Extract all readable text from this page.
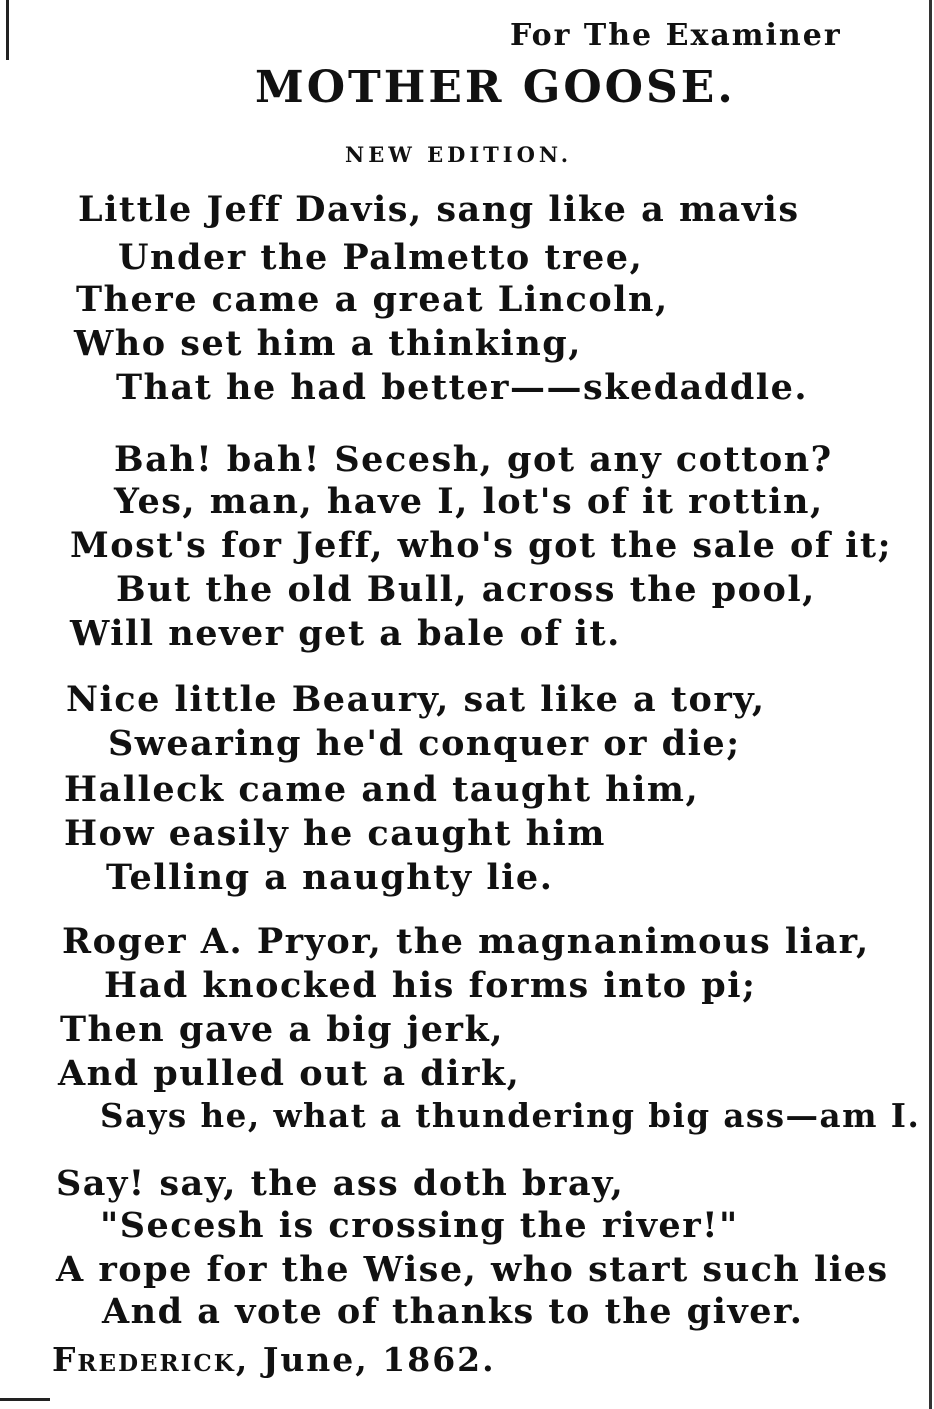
For The Examiner
MOTHER GOOSE.
NEW EDITION.
Little Jeff Davis, sang like a mavis
Under the Palmetto tree,
There came a great Lincoln,
Who set him a thinking,
That he had better——skedaddle.
Bah! bah! Secesh, got any cotton?
Yes, man, have I, lot's of it rottin,
Most's for Jeff, who's got the sale of it;
But the old Bull, across the pool,
Will never get a bale of it.
Nice little Beaury, sat like a tory,
Swearing he'd conquer or die;
Halleck came and taught him,
How easily he caught him
Telling a naughty lie.
Roger A. Pryor, the magnanimous liar,
Had knocked his forms into pi;
Then gave a big jerk,
And pulled out a dirk,
Says he, what a thundering big ass—am I.
Say! say, the ass doth bray,
"Secesh is crossing the river!"
A rope for the Wise, who start such lies
And a vote of thanks to the giver.
Frederick, June, 1862.
